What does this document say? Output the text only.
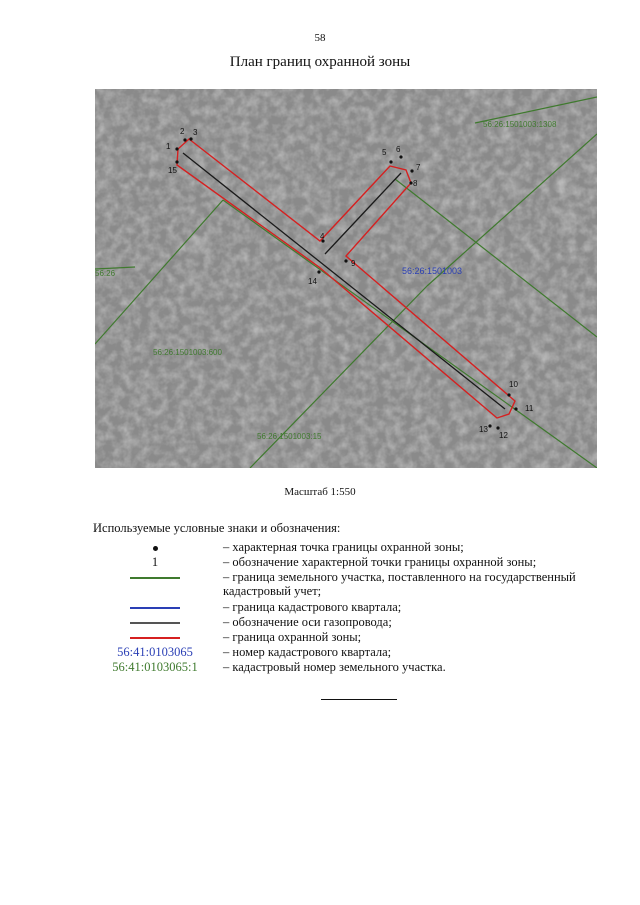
58
План границ охранной зоны
56:26:1501003
56:26:1501003:1308
56:26:1501003:600
56:26:1501003:15
56:26
1
2 3
4
5 6
7
8
9
10
11
12
13
14
15
Масштаб 1:550
Используемые условные знаки и обозначения:
– характерная точка границы охранной зоны;
1	– обозначение характерной точки границы охранной зоны;
– граница земельного участка, поставленного на государственный кадастровый учет;
– граница кадастрового квартала;
– обозначение оси газопровода;
– граница охранной зоны;
56:41:0103065	– номер кадастрового квартала;
56:41:0103065:1	– кадастровый номер земельного участка.
